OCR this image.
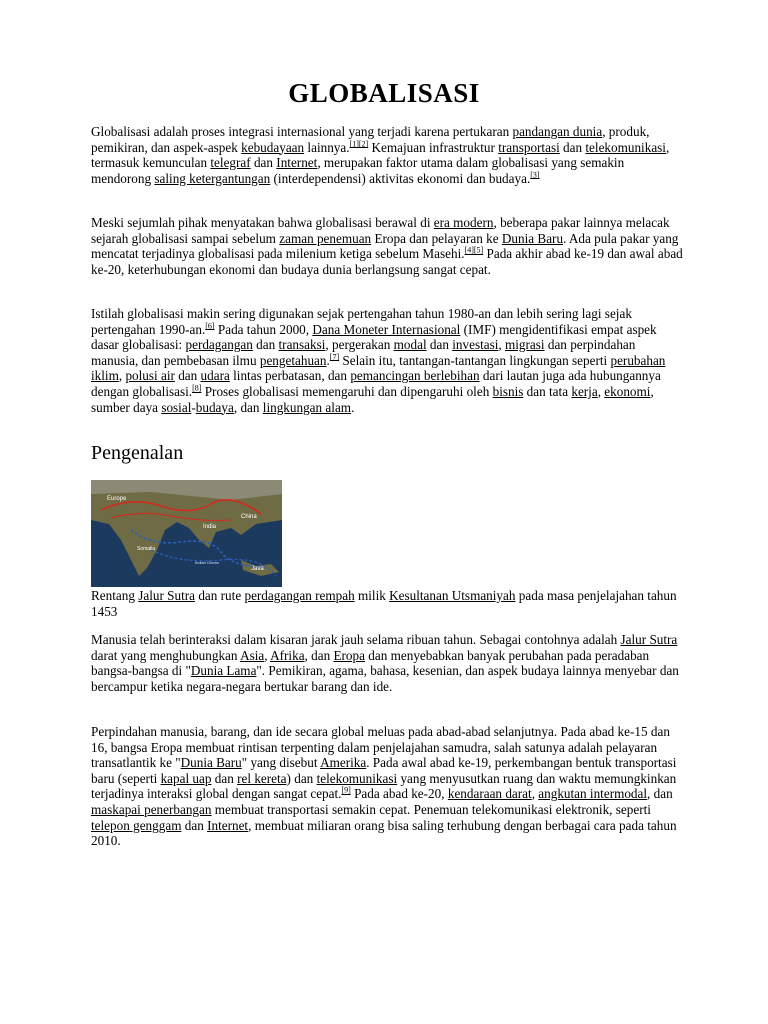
GLOBALISASI

Globalisasi adalah proses integrasi internasional yang terjadi karena pertukaran pandangan dunia, produk, pemikiran, dan aspek-aspek kebudayaan lainnya.[1][2] Kemajuan infrastruktur transportasi dan telekomunikasi, termasuk kemunculan telegraf dan Internet, merupakan faktor utama dalam globalisasi yang semakin mendorong saling ketergantungan (interdependensi) aktivitas ekonomi dan budaya.[3]

Meski sejumlah pihak menyatakan bahwa globalisasi berawal di era modern, beberapa pakar lainnya melacak sejarah globalisasi sampai sebelum zaman penemuan Eropa dan pelayaran ke Dunia Baru. Ada pula pakar yang mencatat terjadinya globalisasi pada milenium ketiga sebelum Masehi.[4][5] Pada akhir abad ke-19 dan awal abad ke-20, keterhubungan ekonomi dan budaya dunia berlangsung sangat cepat.

Istilah globalisasi makin sering digunakan sejak pertengahan tahun 1980-an dan lebih sering lagi sejak pertengahan 1990-an.[6] Pada tahun 2000, Dana Moneter Internasional (IMF) mengidentifikasi empat aspek dasar globalisasi: perdagangan dan transaksi, pergerakan modal dan investasi, migrasi dan perpindahan manusia, dan pembebasan ilmu pengetahuan.[7] Selain itu, tantangan-tantangan lingkungan seperti perubahan iklim, polusi air dan udara lintas perbatasan, dan pemancingan berlebihan dari lautan juga ada hubungannya dengan globalisasi.[8] Proses globalisasi memengaruhi dan dipengaruhi oleh bisnis dan tata kerja, ekonomi, sumber daya sosial-budaya, dan lingkungan alam.

Pengenalan
Europe
China
India
Java
Indian Ocean
Somalia

Rentang Jalur Sutra dan rute perdagangan rempah milik Kesultanan Utsmaniyah pada masa penjelajahan tahun 1453

Manusia telah berinteraksi dalam kisaran jarak jauh selama ribuan tahun. Sebagai contohnya adalah Jalur Sutra darat yang menghubungkan Asia, Afrika, dan Eropa dan menyebabkan banyak perubahan pada peradaban bangsa-bangsa di "Dunia Lama". Pemikiran, agama, bahasa, kesenian, dan aspek budaya lainnya menyebar dan bercampur ketika negara-negara bertukar barang dan ide.

Perpindahan manusia, barang, dan ide secara global meluas pada abad-abad selanjutnya. Pada abad ke-15 dan 16, bangsa Eropa membuat rintisan terpenting dalam penjelajahan samudra, salah satunya adalah pelayaran transatlantik ke "Dunia Baru" yang disebut Amerika. Pada awal abad ke-19, perkembangan bentuk transportasi baru (seperti kapal uap dan rel kereta) dan telekomunikasi yang menyusutkan ruang dan waktu memungkinkan terjadinya interaksi global dengan sangat cepat.[9] Pada abad ke-20, kendaraan darat, angkutan intermodal, dan maskapai penerbangan membuat transportasi semakin cepat. Penemuan telekomunikasi elektronik, seperti telepon genggam dan Internet, membuat miliaran orang bisa saling terhubung dengan berbagai cara pada tahun 2010.
